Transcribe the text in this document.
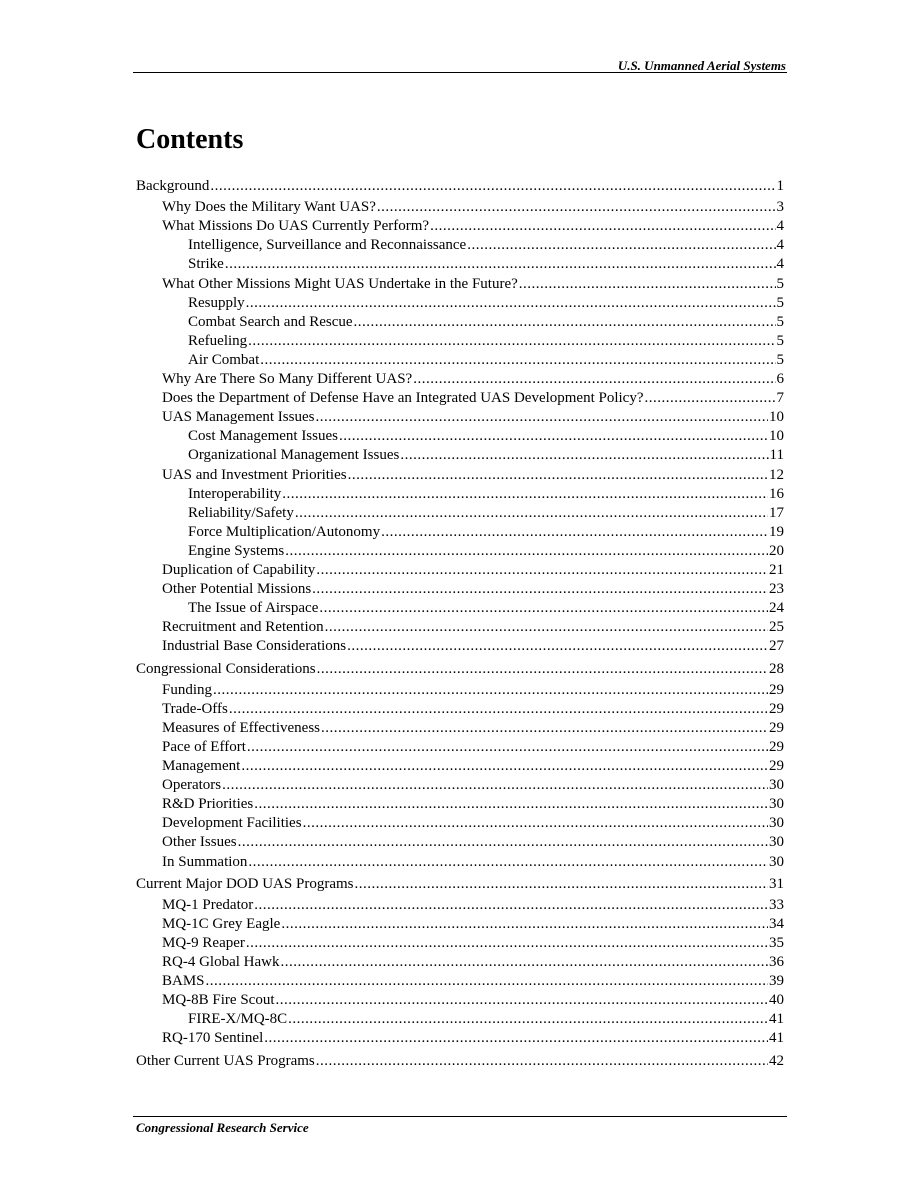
U.S. Unmanned Aerial Systems
Contents
Background .....	1
Why Does the Military Want UAS? .....	3
What Missions Do UAS Currently Perform? .....	4
Intelligence, Surveillance and Reconnaissance .....	4
Strike .....	4
What Other Missions Might UAS Undertake in the Future? .....	5
Resupply .....	5
Combat Search and Rescue .....	5
Refueling .....	5
Air Combat .....	5
Why Are There So Many Different UAS? .....	6
Does the Department of Defense Have an Integrated UAS Development Policy? .....	7
UAS Management Issues .....	10
Cost Management Issues .....	10
Organizational Management Issues .....	11
UAS and Investment Priorities .....	12
Interoperability .....	16
Reliability/Safety .....	17
Force Multiplication/Autonomy .....	19
Engine Systems .....	20
Duplication of Capability .....	21
Other Potential Missions .....	23
The Issue of Airspace .....	24
Recruitment and Retention .....	25
Industrial Base Considerations .....	27
Congressional Considerations .....	28
Funding .....	29
Trade-Offs .....	29
Measures of Effectiveness .....	29
Pace of Effort .....	29
Management .....	29
Operators .....	30
R&D Priorities .....	30
Development Facilities .....	30
Other Issues .....	30
In Summation .....	30
Current Major DOD UAS Programs .....	31
MQ-1 Predator .....	33
MQ-1C Grey Eagle .....	34
MQ-9 Reaper .....	35
RQ-4 Global Hawk .....	36
BAMS .....	39
MQ-8B Fire Scout .....	40
FIRE-X/MQ-8C .....	41
RQ-170 Sentinel .....	41
Other Current UAS Programs .....	42
Congressional Research Service
